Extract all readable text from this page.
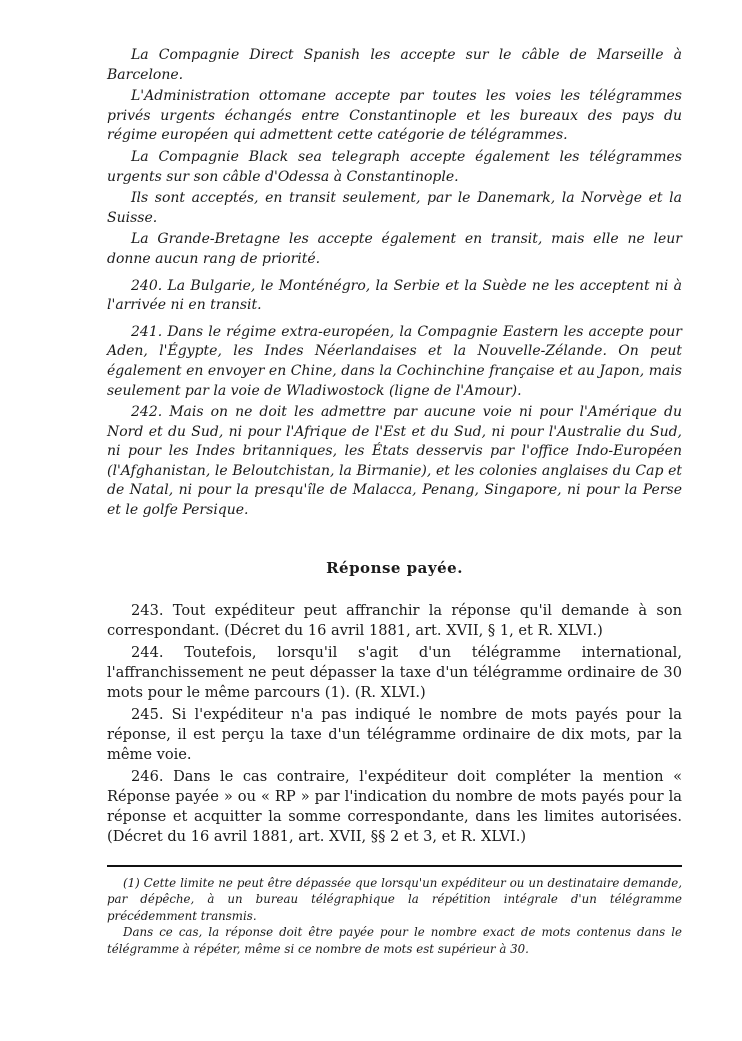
La Compagnie Direct Spanish les accepte sur le câble de Marseille à Barcelone.

L'Administration ottomane accepte par toutes les voies les télégrammes privés urgents échangés entre Constantinople et les bureaux des pays du régime européen qui admettent cette catégorie de télégrammes.

La Compagnie Black sea telegraph accepte également les télégrammes urgents sur son câble d'Odessa à Constantinople.

Ils sont acceptés, en transit seulement, par le Danemark, la Norvège et la Suisse.

La Grande-Bretagne les accepte également en transit, mais elle ne leur donne aucun rang de priorité.

240. La Bulgarie, le Monténégro, la Serbie et la Suède ne les acceptent ni à l'arrivée ni en transit.

241. Dans le régime extra-européen, la Compagnie Eastern les accepte pour Aden, l'Égypte, les Indes Néerlandaises et la Nouvelle-Zélande. On peut également en envoyer en Chine, dans la Cochinchine française et au Japon, mais seulement par la voie de Wladiwostock (ligne de l'Amour).

242. Mais on ne doit les admettre par aucune voie ni pour l'Amérique du Nord et du Sud, ni pour l'Afrique de l'Est et du Sud, ni pour l'Australie du Sud, ni pour les Indes britanniques, les États desservis par l'office Indo-Européen (l'Afghanistan, le Beloutchistan, la Birmanie), et les colonies anglaises du Cap et de Natal, ni pour la presqu'île de Malacca, Penang, Singapore, ni pour la Perse et le golfe Persique.

Réponse payée.

243. Tout expéditeur peut affranchir la réponse qu'il demande à son correspondant. (Décret du 16 avril 1881, art. XVII, § 1, et R. XLVI.)

244. Toutefois, lorsqu'il s'agit d'un télégramme international, l'affranchissement ne peut dépasser la taxe d'un télégramme ordinaire de 30 mots pour le même parcours (1). (R. XLVI.)

245. Si l'expéditeur n'a pas indiqué le nombre de mots payés pour la réponse, il est perçu la taxe d'un télégramme ordinaire de dix mots, par la même voie.

246. Dans le cas contraire, l'expéditeur doit compléter la mention « Réponse payée » ou « RP » par l'indication du nombre de mots payés pour la réponse et acquitter la somme correspondante, dans les limites autorisées. (Décret du 16 avril 1881, art. XVII, §§ 2 et 3, et R. XLVI.)

(1) Cette limite ne peut être dépassée que lorsqu'un expéditeur ou un destinataire demande, par dépêche, à un bureau télégraphique la répétition intégrale d'un télégramme précédemment transmis.

Dans ce cas, la réponse doit être payée pour le nombre exact de mots contenus dans le télégramme à répéter, même si ce nombre de mots est supérieur à 30.
